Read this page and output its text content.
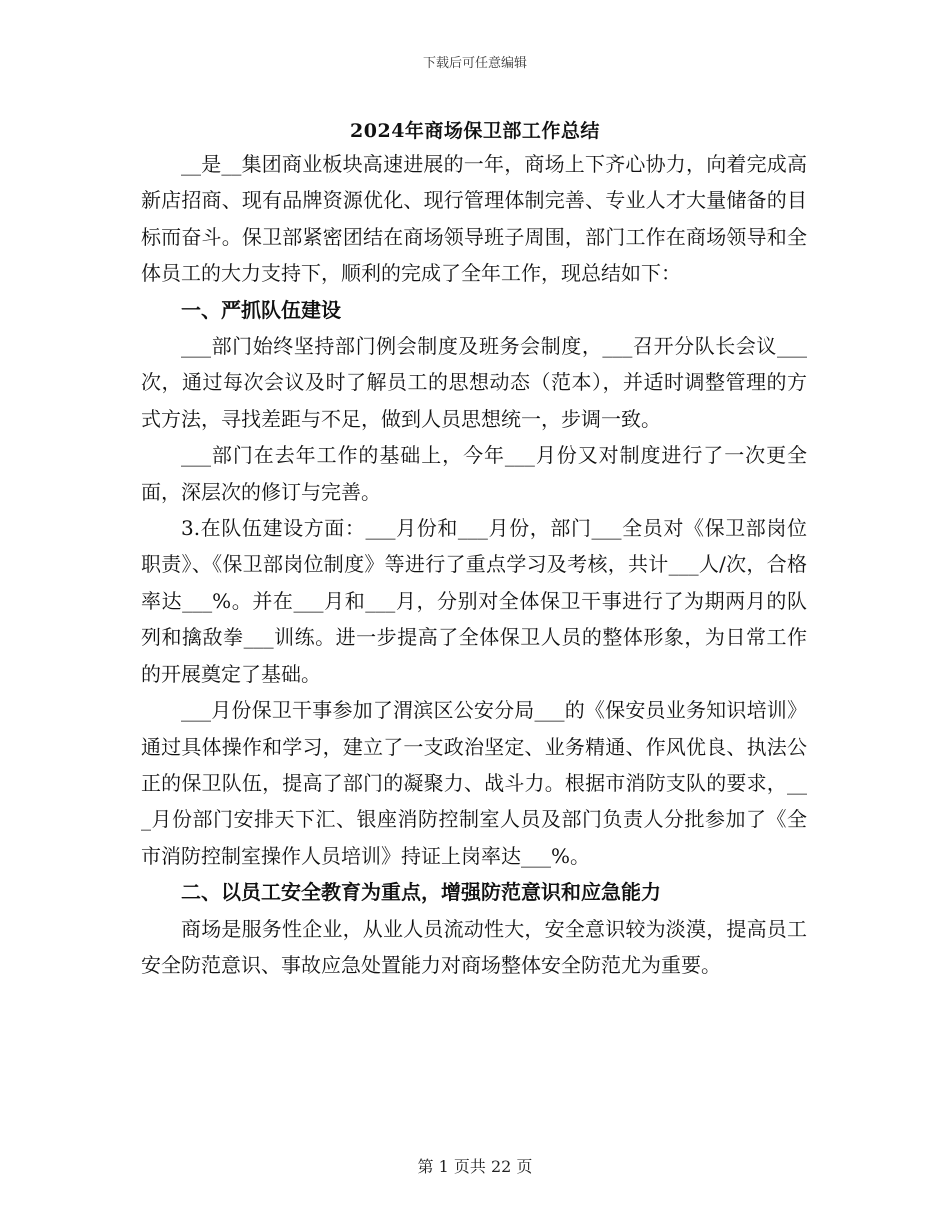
下载后可任意编辑
2024年商场保卫部工作总结

__是__集团商业板块高速进展的一年，商场上下齐心协力，向着完成高新店招商、现有品牌资源优化、现行管理体制完善、专业人才大量储备的目标而奋斗。保卫部紧密团结在商场领导班子周围，部门工作在商场领导和全体员工的大力支持下，顺利的完成了全年工作，现总结如下：

一、严抓队伍建设

___部门始终坚持部门例会制度及班务会制度，___召开分队长会议___次，通过每次会议及时了解员工的思想动态（范本），并适时调整管理的方式方法，寻找差距与不足，做到人员思想统一，步调一致。

___部门在去年工作的基础上，今年___月份又对制度进行了一次更全面，深层次的修订与完善。

3.在队伍建设方面：___月份和___月份，部门___全员对《保卫部岗位职责》、《保卫部岗位制度》等进行了重点学习及考核，共计___人/次，合格率达___%。并在___月和___月，分别对全体保卫干事进行了为期两月的队列和擒敌拳___训练。进一步提高了全体保卫人员的整体形象，为日常工作的开展奠定了基础。

___月份保卫干事参加了渭滨区公安分局___的《保安员业务知识培训》通过具体操作和学习，建立了一支政治坚定、业务精通、作风优良、执法公正的保卫队伍，提高了部门的凝聚力、战斗力。根据市消防支队的要求，___月份部门安排天下汇、银座消防控制室人员及部门负责人分批参加了《全市消防控制室操作人员培训》持证上岗率达___%。

二、以员工安全教育为重点，增强防范意识和应急能力

商场是服务性企业，从业人员流动性大，安全意识较为淡漠，提高员工安全防范意识、事故应急处置能力对商场整体安全防范尤为重要。

第 1 页共 22 页
